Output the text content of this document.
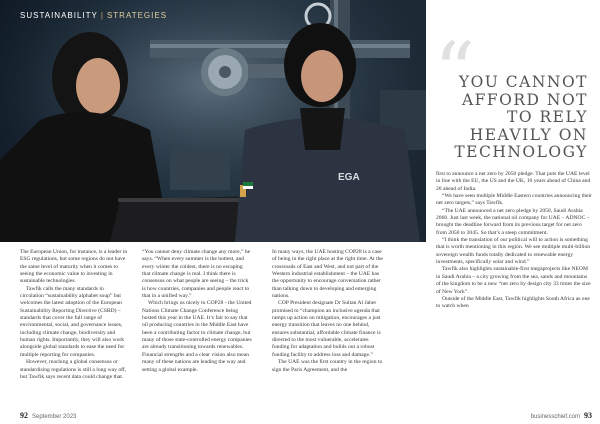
EGA
SUSTAINABILITY | STRATEGIES
“
YOU CANNOT AFFORD NOT TO RELY HEAVILY ON TECHNOLOGY

The European Union, for instance, is a leader in ESG regulations, but some regions do not have the same level of maturity when it comes to seeing the economic value to investing in sustainable technologies.

Tawfik calls the many standards in circulation “sustainability alphabet soup” but welcomes the latest adoption of the European Sustainability Reporting Directive (CSRD) – standards that cover the full range of environmental, social, and governance issues, including climate change, biodiversity and human rights. Importantly, they will also work alongside global standards to ease the need for multiple reporting for companies.

However, reaching a global consensus or standardising regulations is still a long way off, but Tawfik says recent data could change that.

“You cannot deny climate change any more,” he says. “When every summer is the hottest, and every winter the coldest, there is no escaping that climate change is real. I think there is consensus on what people are seeing – the trick is how countries, companies and people react to that in a unified way.”

Which brings us nicely to COP28 - the United Nations Climate Change Conference being hosted this year in the UAE. It’s fair to say that oil producing countries in the Middle East have been a contributing factor to climate change, but many of those state-controlled energy companies are already transitioning towards renewables. Financial strengths and a clear vision also mean many of these nations are leading the way and setting a global example.

In many ways, the UAE hosting COP28 is a case of being in the right place at the right time. At the crossroads of East and West, and not part of the Western industrial establishment – the UAE has the opportunity to encourage conversation rather than talking down to developing and emerging nations.

COP President designate Dr Sultan Al Jaber promised to “champion an inclusive agenda that ramps up action on mitigation, encourages a just energy transition that leaves no one behind, ensures substantial, affordable climate finance is directed to the most vulnerable, accelerates funding for adaptation and builds out a robust funding facility to address loss and damage.”

The UAE was the first country in the region to sign the Paris Agreement, and the

first to announce a net zero by 2050 pledge. That puts the UAE level in line with the EU, the US and the UK, 10 years ahead of China and 20 ahead of India.

“We have seen multiple Middle Eastern countries announcing their net zero targets,” says Tawfik.

“The UAE announced a net zero pledge by 2050, Saudi Arabia 2060. Just last week, the national oil company for UAE – ADNOC – brought the deadline forward from its previous target for net zero from 2050 to 2045. So that’s a steep commitment.

“I think the translation of our political will to action is something that is worth mentioning in this region. We see multiple multi-billion sovereign wealth funds totally dedicated to renewable energy investments, specifically solar and wind.”

Tawfik also highlights sustainable-first megaprojects like NEOM in Saudi Arabia – a city growing from the sea, sands and mountains of the kingdom to be a new “net zero by design city 33 times the size of New York”.

Outside of the Middle East, Tawfik highlights South Africa as one to watch when

92 September 2023	businesschief.com 93
